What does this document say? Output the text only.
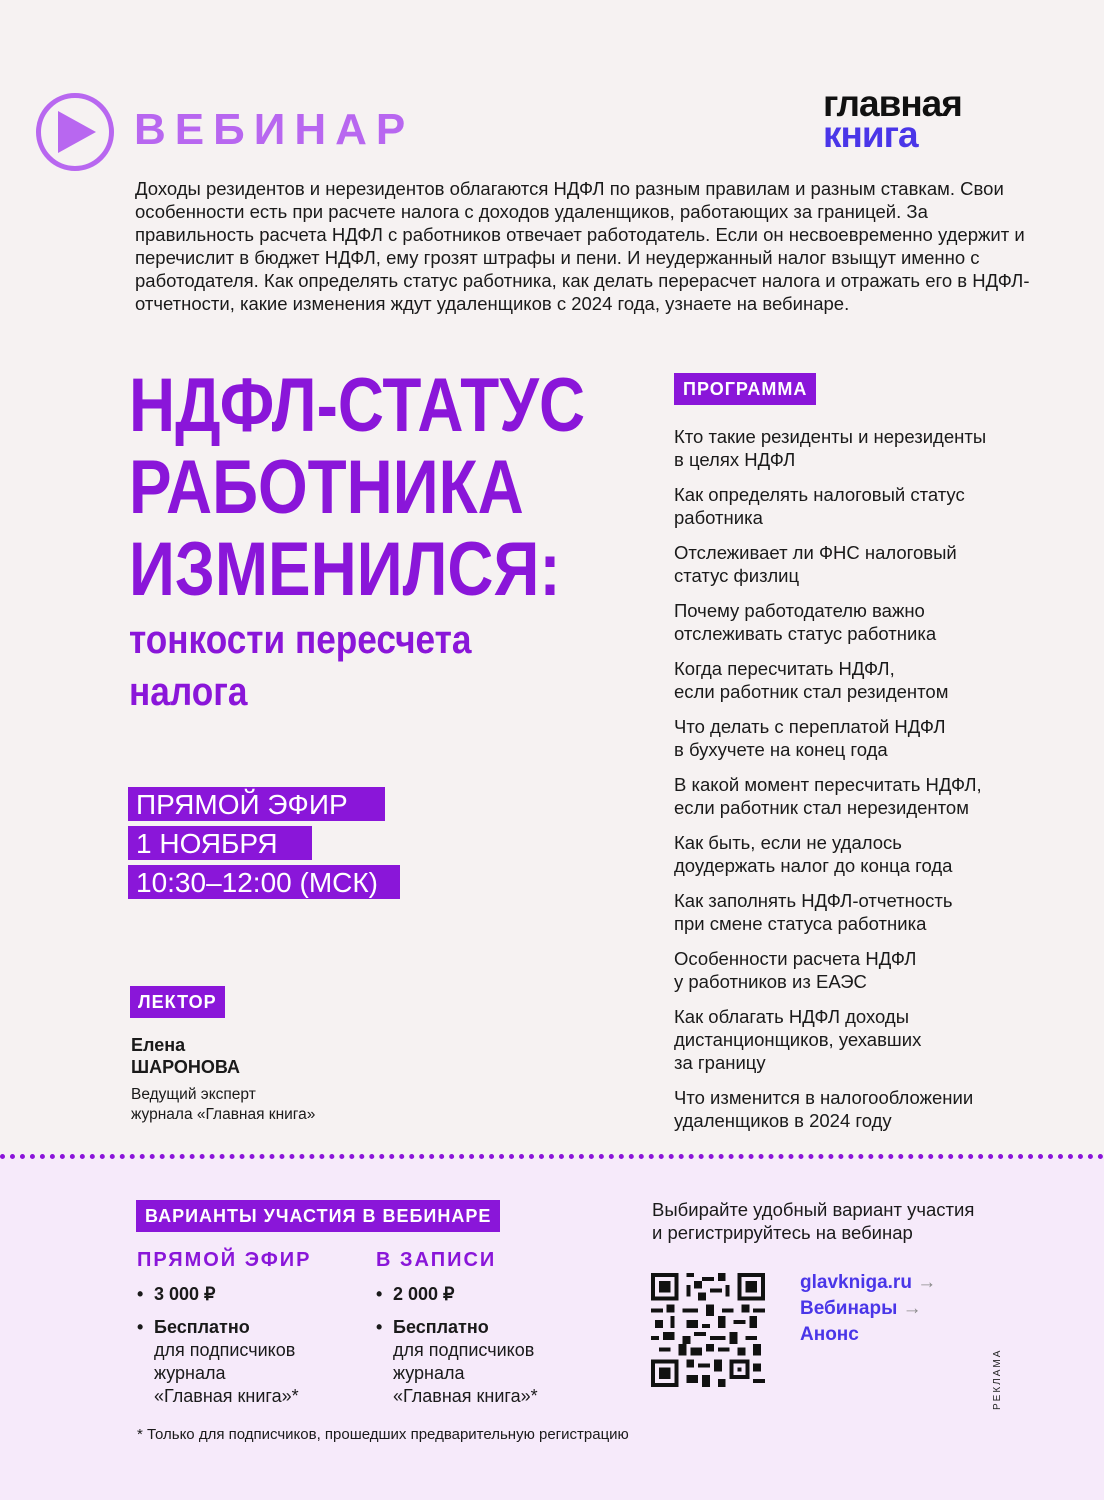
ВЕБИНАР
главная
книга
Доходы резидентов и нерезидентов облагаются НДФЛ по разным правилам и разным ставкам. Свои особенности есть при расчете налога с доходов удаленщиков, работающих за границей. За правильность расчета НДФЛ с работников отвечает работодатель. Если он несвоевременно удержит и перечислит в бюджет НДФЛ, ему грозят штрафы и пени. И неудержанный налог взыщут именно с работодателя. Как определять статус работника, как делать перерасчет налога и отражать его в НДФЛ-отчетности, какие изменения ждут удаленщиков с 2024 года, узнаете на вебинаре.
НДФЛ-СТАТУС
РАБОТНИКА
ИЗМЕНИЛСЯ:
тонкости пересчета
налога
ПРЯМОЙ ЭФИР
1 НОЯБРЯ
10:30–12:00 (МСК)
ЛЕКТОР
Елена
ШАРОНОВА
Ведущий эксперт
журнала «Главная книга»
ПРОГРАММА
Кто такие резиденты и нерезиденты
в целях НДФЛ
Как определять налоговый статус
работника
Отслеживает ли ФНС налоговый
статус физлиц
Почему работодателю важно
отслеживать статус работника
Когда пересчитать НДФЛ,
если работник стал резидентом
Что делать с переплатой НДФЛ
в бухучете на конец года
В какой момент пересчитать НДФЛ,
если работник стал нерезидентом
Как быть, если не удалось
доудержать налог до конца года
Как заполнять НДФЛ-отчетность
при смене статуса работника
Особенности расчета НДФЛ
у работников из ЕАЭС
Как облагать НДФЛ доходы
дистанционщиков, уехавших
за границу
Что изменится в налогообложении
удаленщиков в 2024 году
ВАРИАНТЫ УЧАСТИЯ В ВЕБИНАРЕ
ПРЯМОЙ ЭФИР
• 3 000 ₽
• Бесплатно
для подписчиков
журнала
«Главная книга»*
В ЗАПИСИ
• 2 000 ₽
• Бесплатно
для подписчиков
журнала
«Главная книга»*
* Только для подписчиков, прошедших предварительную регистрацию
Выбирайте удобный вариант участия
и регистрируйтесь на вебинар
glavkniga.ru →
Вебинары →
Анонс
РЕКЛАМА
